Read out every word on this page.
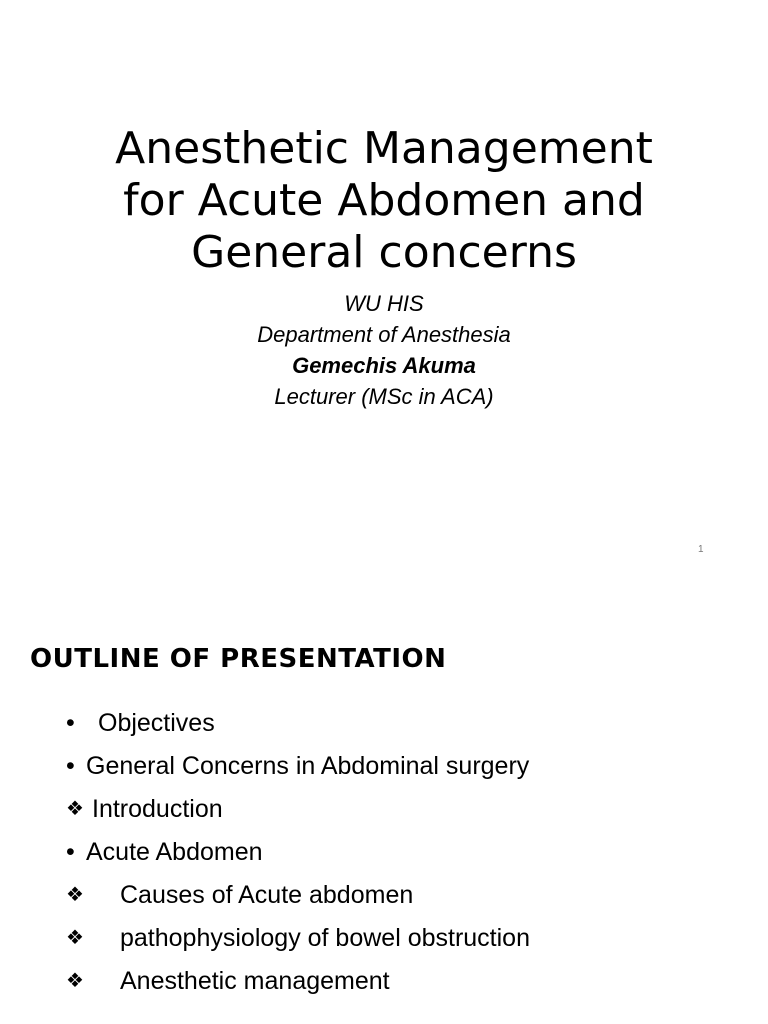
Anesthetic Management
for Acute Abdomen and
General concerns
WU HIS
Department of Anesthesia
Gemechis Akuma
Lecturer (MSc in ACA)
1
OUTLINE OF PRESENTATION
• Objectives
• General Concerns in Abdominal surgery
❖ Introduction
• Acute Abdomen
❖ Causes of Acute abdomen
❖ pathophysiology of bowel obstruction
❖ Anesthetic management
